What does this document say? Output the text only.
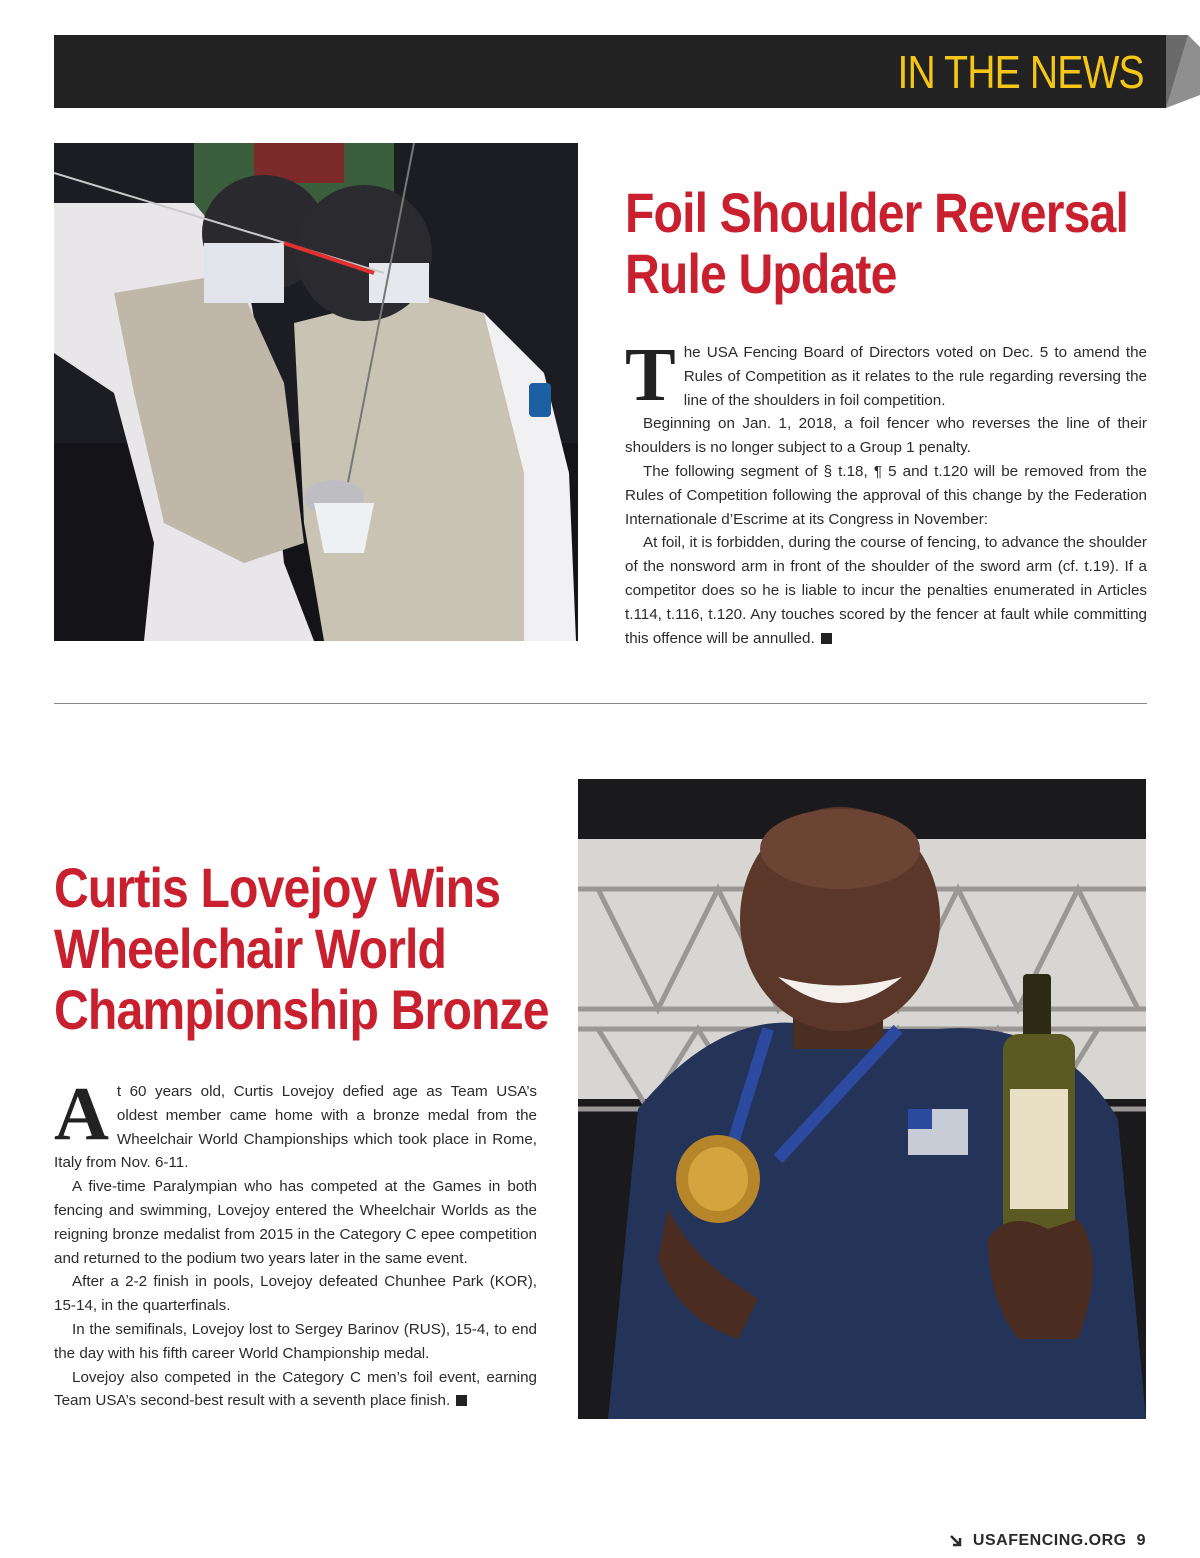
IN THE NEWS
Foil Shoulder Reversal Rule Update

The USA Fencing Board of Directors voted on Dec. 5 to amend the Rules of Competition as it relates to the rule regarding reversing the line of the shoulders in foil competition.

Beginning on Jan. 1, 2018, a foil fencer who reverses the line of their shoulders is no longer subject to a Group 1 penalty.

The following segment of § t.18, ¶ 5 and t.120 will be removed from the Rules of Competition following the approval of this change by the Federation Internationale d’Escrime at its Congress in November:

At foil, it is forbidden, during the course of fencing, to advance the shoulder of the nonsword arm in front of the shoulder of the sword arm (cf. t.19). If a competitor does so he is liable to incur the penalties enumerated in Articles t.114, t.116, t.120. Any touches scored by the fencer at fault while committing this offence will be annulled.

Curtis Lovejoy Wins Wheelchair World Championship Bronze

At 60 years old, Curtis Lovejoy defied age as Team USA’s oldest member came home with a bronze medal from the Wheelchair World Championships which took place in Rome, Italy from Nov. 6-11.

A five-time Paralympian who has competed at the Games in both fencing and swimming, Lovejoy entered the Wheelchair Worlds as the reigning bronze medalist from 2015 in the Category C epee competition and returned to the podium two years later in the same event.

After a 2-2 finish in pools, Lovejoy defeated Chunhee Park (KOR), 15-14, in the quarterfinals.

In the semifinals, Lovejoy lost to Sergey Barinov (RUS), 15-4, to end the day with his fifth career World Championship medal.

Lovejoy also competed in the Category C men’s foil event, earning Team USA’s second-best result with a seventh place finish.

USAFENCING.ORG 9
